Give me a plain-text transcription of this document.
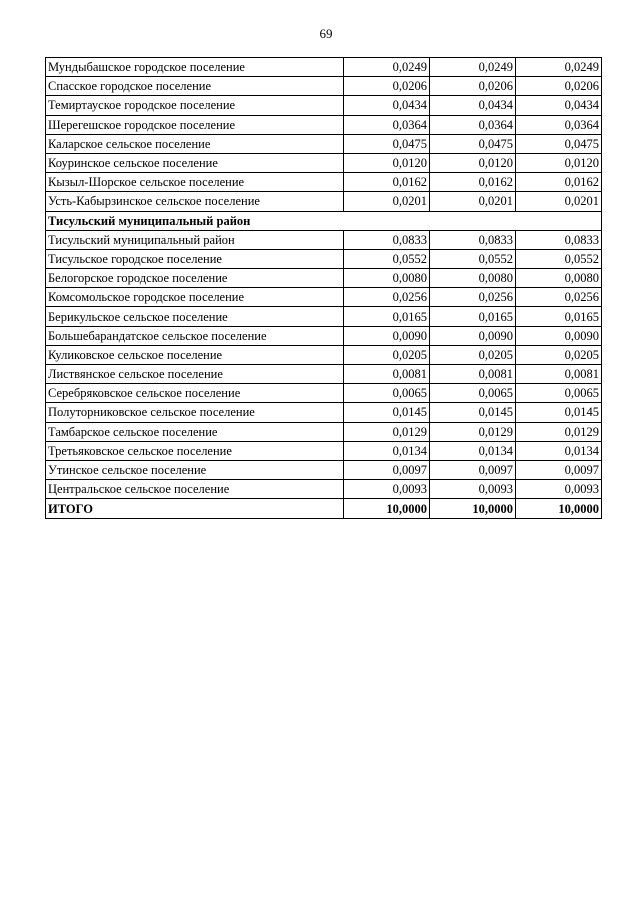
69
Мундыбашское городское поселение	0,0249	0,0249	0,0249
Спасское городское поселение	0,0206	0,0206	0,0206
Темиртауское городское поселение	0,0434	0,0434	0,0434
Шерегешское городское поселение	0,0364	0,0364	0,0364
Каларское сельское поселение	0,0475	0,0475	0,0475
Коуринское сельское поселение	0,0120	0,0120	0,0120
Кызыл-Шорское сельское поселение	0,0162	0,0162	0,0162
Усть-Кабырзинское сельское поселение	0,0201	0,0201	0,0201
Тисульский муниципальный район			
Тисульский муниципальный район	0,0833	0,0833	0,0833
Тисульское городское поселение	0,0552	0,0552	0,0552
Белогорское городское поселение	0,0080	0,0080	0,0080
Комсомольское городское поселение	0,0256	0,0256	0,0256
Берикульское сельское поселение	0,0165	0,0165	0,0165
Большебарандатское сельское поселение	0,0090	0,0090	0,0090
Куликовское сельское поселение	0,0205	0,0205	0,0205
Листвянское сельское поселение	0,0081	0,0081	0,0081
Серебряковское сельское поселение	0,0065	0,0065	0,0065
Полуторниковское сельское поселение	0,0145	0,0145	0,0145
Тамбарское сельское поселение	0,0129	0,0129	0,0129
Третьяковское сельское поселение	0,0134	0,0134	0,0134
Утинское сельское поселение	0,0097	0,0097	0,0097
Центральское сельское поселение	0,0093	0,0093	0,0093
ИТОГО	10,0000	10,0000	10,0000
